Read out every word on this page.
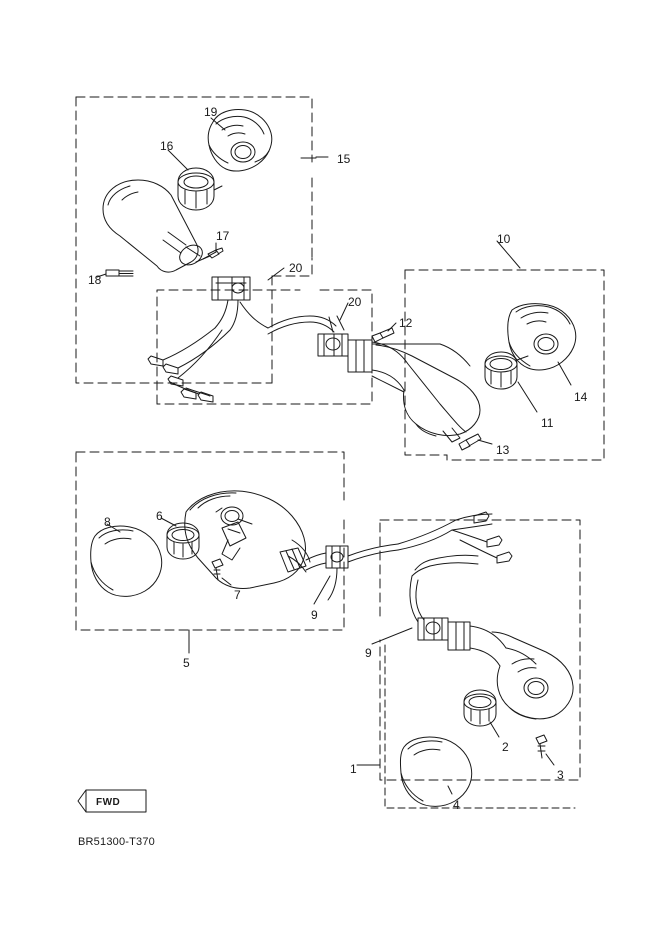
19
16
15
17	10
18
20
20
12
14
11
13
8	6
7
9
9
5
2
3
1
4
FWD
BR51300-T370
